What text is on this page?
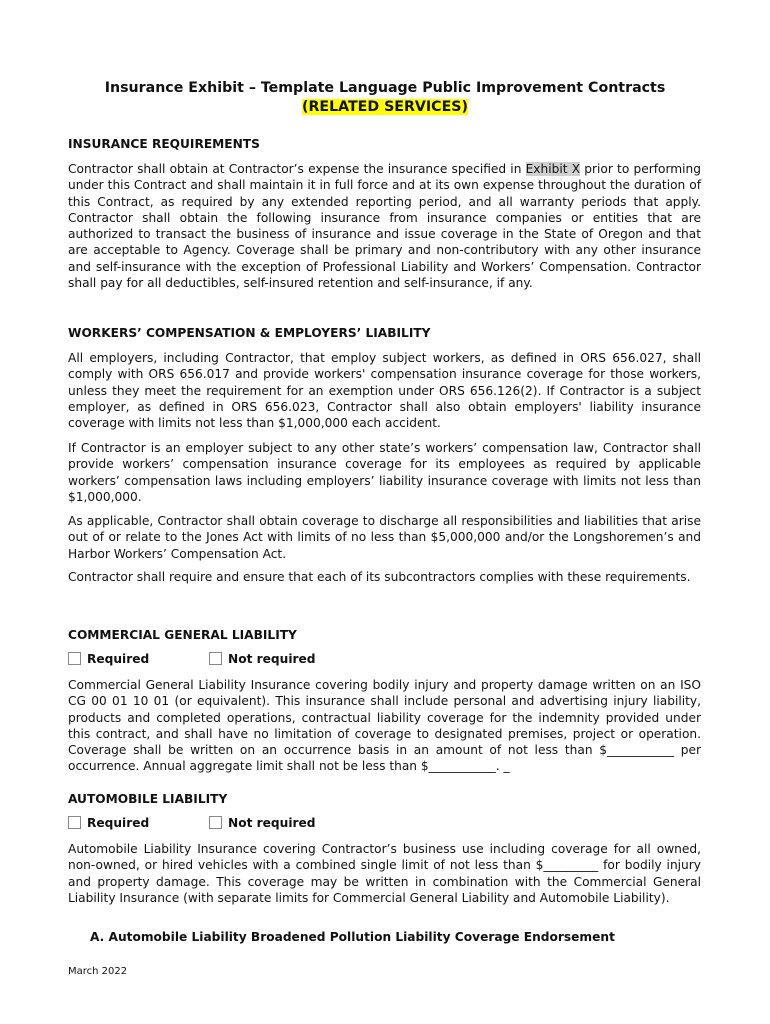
Insurance Exhibit – Template Language Public Improvement Contracts
(RELATED SERVICES)
INSURANCE REQUIREMENTS
Contractor shall obtain at Contractor’s expense the insurance specified in Exhibit X prior to performing under this Contract and shall maintain it in full force and at its own expense throughout the duration of this Contract, as required by any extended reporting period, and all warranty periods that apply. Contractor shall obtain the following insurance from insurance companies or entities that are authorized to transact the business of insurance and issue coverage in the State of Oregon and that are acceptable to Agency. Coverage shall be primary and non-contributory with any other insurance and self-insurance with the exception of Professional Liability and Workers’ Compensation. Contractor shall pay for all deductibles, self-insured retention and self-insurance, if any.
WORKERS’ COMPENSATION & EMPLOYERS’ LIABILITY
All employers, including Contractor, that employ subject workers, as defined in ORS 656.027, shall comply with ORS 656.017 and provide workers' compensation insurance coverage for those workers, unless they meet the requirement for an exemption under ORS 656.126(2). If Contractor is a subject employer, as defined in ORS 656.023, Contractor shall also obtain employers' liability insurance coverage with limits not less than $1,000,000 each accident.
If Contractor is an employer subject to any other state’s workers’ compensation law, Contractor shall provide workers’ compensation insurance coverage for its employees as required by applicable workers’ compensation laws including employers’ liability insurance coverage with limits not less than $1,000,000.
As applicable, Contractor shall obtain coverage to discharge all responsibilities and liabilities that arise out of or relate to the Jones Act with limits of no less than $5,000,000 and/or the Longshoremen’s and Harbor Workers’ Compensation Act.
Contractor shall require and ensure that each of its subcontractors complies with these requirements.
COMMERCIAL GENERAL LIABILITY
Required	Not required
Commercial General Liability Insurance covering bodily injury and property damage written on an ISO CG 00 01 10 01 (or equivalent). This insurance shall include personal and advertising injury liability, products and completed operations, contractual liability coverage for the indemnity provided under this contract, and shall have no limitation of coverage to designated premises, project or operation. Coverage shall be written on an occurrence basis in an amount of not less than $___________ per occurrence. Annual aggregate limit shall not be less than $___________. _
AUTOMOBILE LIABILITY
Required	Not required
Automobile Liability Insurance covering Contractor’s business use including coverage for all owned, non-owned, or hired vehicles with a combined single limit of not less than $_________ for bodily injury and property damage. This coverage may be written in combination with the Commercial General Liability Insurance (with separate limits for Commercial General Liability and Automobile Liability).
A. Automobile Liability Broadened Pollution Liability Coverage Endorsement
March 2022
